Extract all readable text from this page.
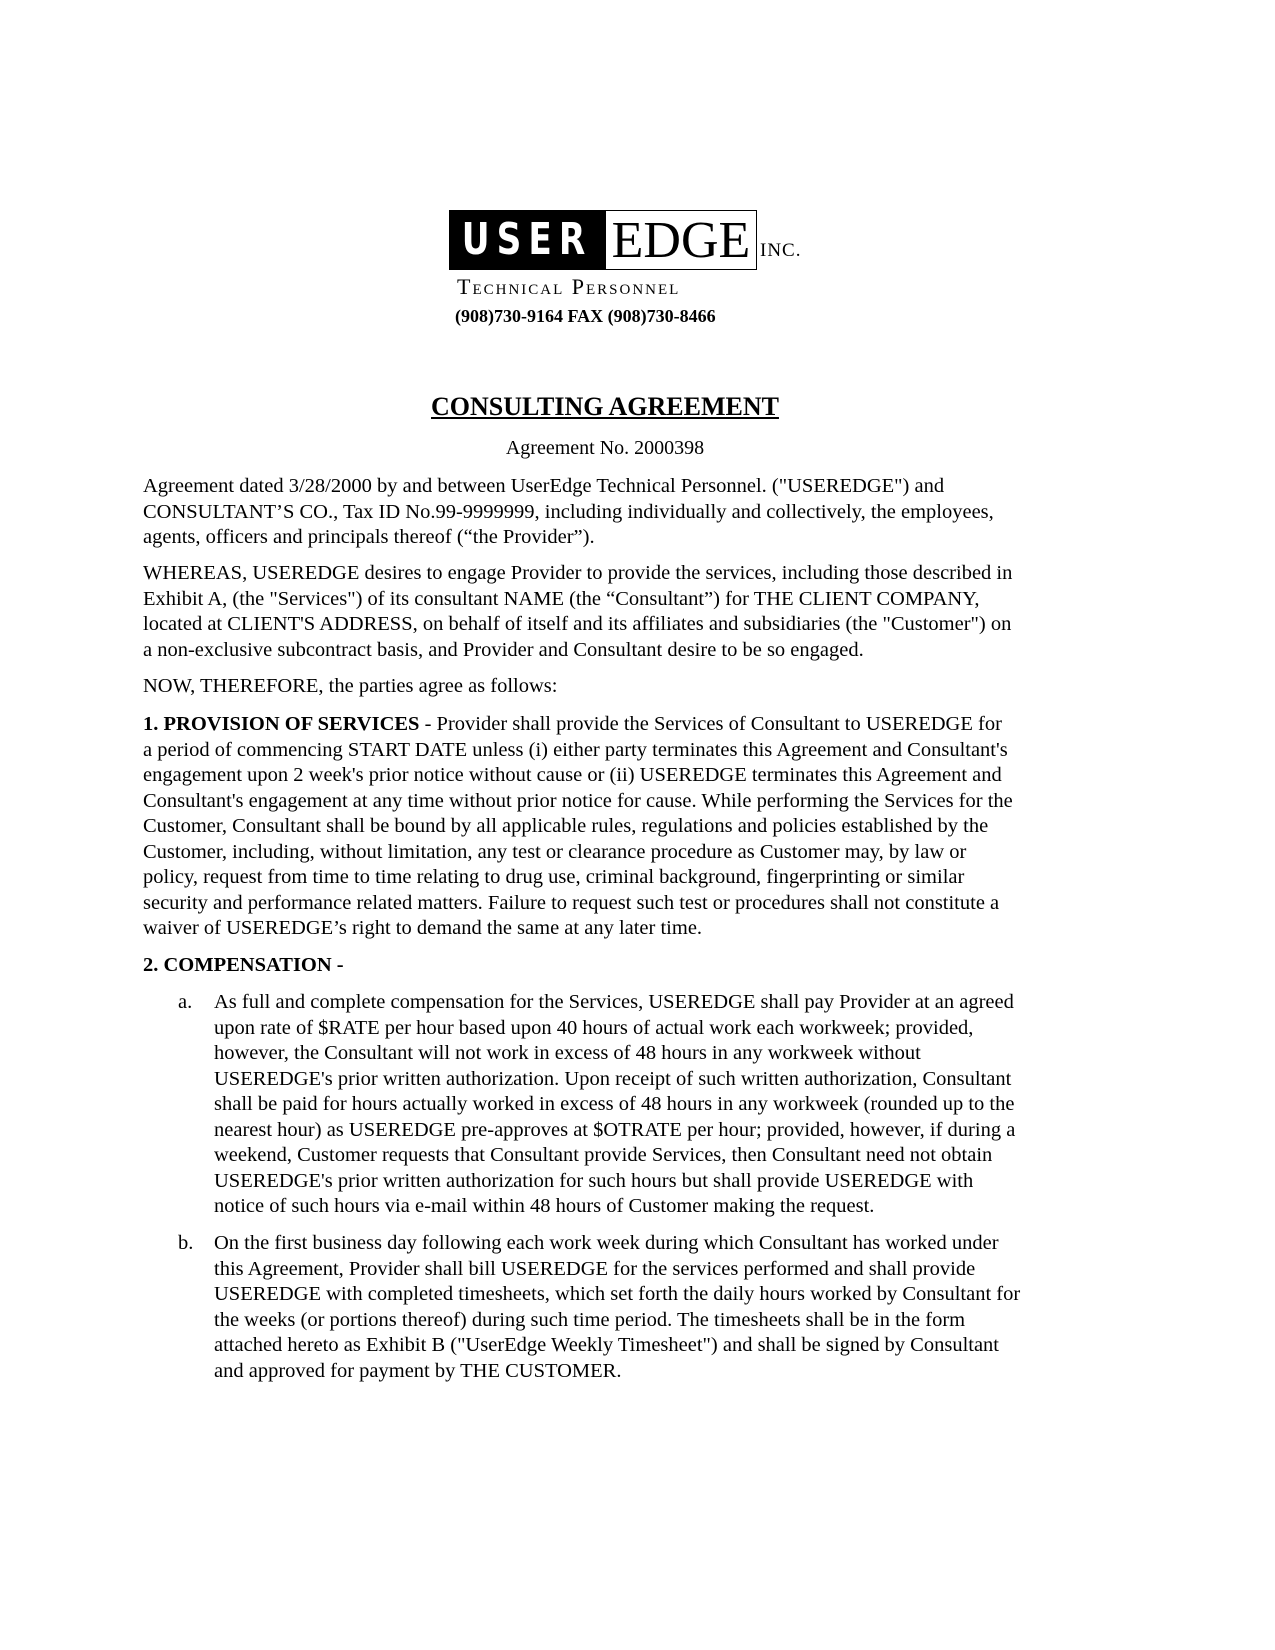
USER EDGE INC.
Technical Personnel
(908)730-9164 FAX (908)730-8466
CONSULTING AGREEMENT
Agreement No. 2000398
Agreement dated 3/28/2000 by and between UserEdge Technical Personnel. ("USEREDGE") and
CONSULTANT’S CO., Tax ID No.99-9999999, including individually and collectively, the employees,
agents, officers and principals thereof (“the Provider”).
WHEREAS, USEREDGE desires to engage Provider to provide the services, including those described in
Exhibit A, (the "Services") of its consultant NAME (the “Consultant”) for THE CLIENT COMPANY,
located at CLIENT'S ADDRESS, on behalf of itself and its affiliates and subsidiaries (the "Customer") on
a non-exclusive subcontract basis, and Provider and Consultant desire to be so engaged.
NOW, THEREFORE, the parties agree as follows:
1. PROVISION OF SERVICES - Provider shall provide the Services of Consultant to USEREDGE for
a period of commencing START DATE unless (i) either party terminates this Agreement and Consultant's
engagement upon 2 week's prior notice without cause or (ii) USEREDGE terminates this Agreement and
Consultant's engagement at any time without prior notice for cause. While performing the Services for the
Customer, Consultant shall be bound by all applicable rules, regulations and policies established by the
Customer, including, without limitation, any test or clearance procedure as Customer may, by law or
policy, request from time to time relating to drug use, criminal background, fingerprinting or similar
security and performance related matters. Failure to request such test or procedures shall not constitute a
waiver of USEREDGE’s right to demand the same at any later time.
2. COMPENSATION -
a. As full and complete compensation for the Services, USEREDGE shall pay Provider at an agreed
upon rate of $RATE per hour based upon 40 hours of actual work each workweek; provided,
however, the Consultant will not work in excess of 48 hours in any workweek without
USEREDGE's prior written authorization. Upon receipt of such written authorization, Consultant
shall be paid for hours actually worked in excess of 48 hours in any workweek (rounded up to the
nearest hour) as USEREDGE pre-approves at $OTRATE per hour; provided, however, if during a
weekend, Customer requests that Consultant provide Services, then Consultant need not obtain
USEREDGE's prior written authorization for such hours but shall provide USEREDGE with
notice of such hours via e-mail within 48 hours of Customer making the request.
b. On the first business day following each work week during which Consultant has worked under
this Agreement, Provider shall bill USEREDGE for the services performed and shall provide
USEREDGE with completed timesheets, which set forth the daily hours worked by Consultant for
the weeks (or portions thereof) during such time period. The timesheets shall be in the form
attached hereto as Exhibit B ("UserEdge Weekly Timesheet") and shall be signed by Consultant
and approved for payment by THE CUSTOMER.
